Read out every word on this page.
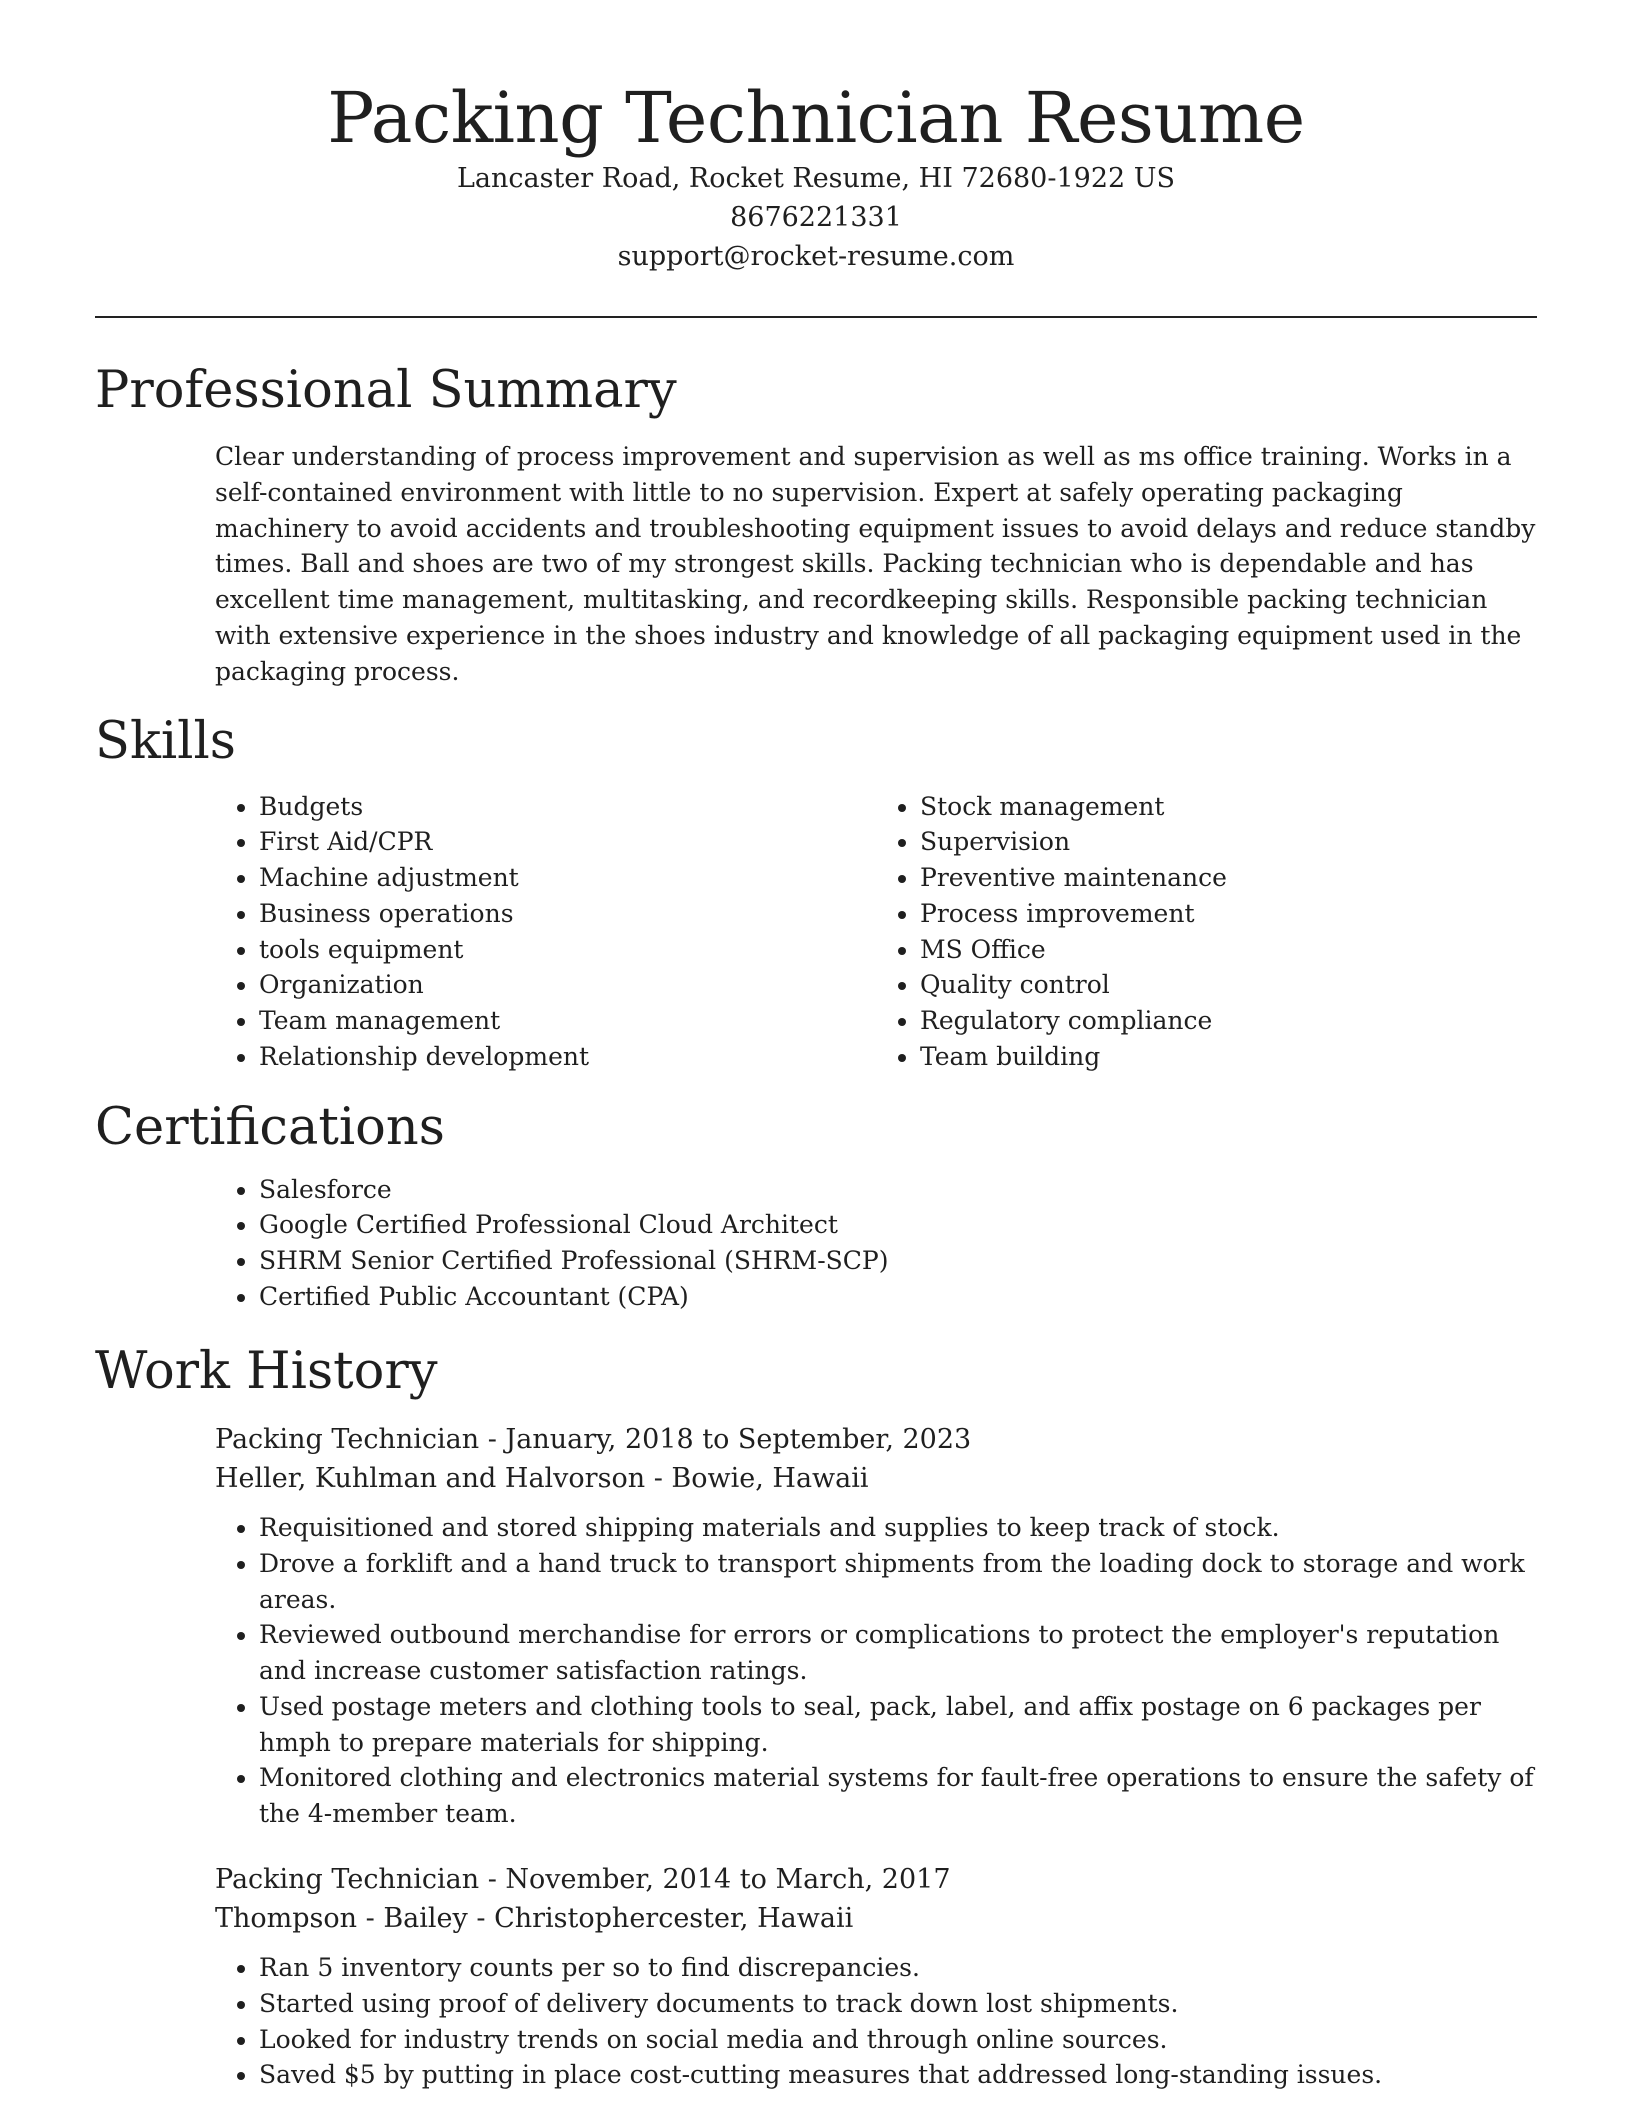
Packing Technician Resume
Lancaster Road, Rocket Resume, HI 72680-1922 US
8676221331
support@rocket-resume.com
Professional Summary

Clear understanding of process improvement and supervision as well as ms office training. Works in a self-contained environment with little to no supervision. Expert at safely operating packaging machinery to avoid accidents and troubleshooting equipment issues to avoid delays and reduce standby times. Ball and shoes are two of my strongest skills. Packing technician who is dependable and has excellent time management, multitasking, and recordkeeping skills. Responsible packing technician with extensive experience in the shoes industry and knowledge of all packaging equipment used in the packaging process.

Skills
• Budgets
• First Aid/CPR
• Machine adjustment
• Business operations
• tools equipment
• Organization
• Team management
• Relationship development
• Stock management
• Supervision
• Preventive maintenance
• Process improvement
• MS Office
• Quality control
• Regulatory compliance
• Team building
Certifications
• Salesforce
• Google Certified Professional Cloud Architect
• SHRM Senior Certified Professional (SHRM-SCP)
• Certified Public Accountant (CPA)
Work History

Packing Technician - January, 2018 to September, 2023

Heller, Kuhlman and Halvorson - Bowie, Hawaii

• Requisitioned and stored shipping materials and supplies to keep track of stock.
• Drove a forklift and a hand truck to transport shipments from the loading dock to storage and work areas.
• Reviewed outbound merchandise for errors or complications to protect the employer's reputation and increase customer satisfaction ratings.
• Used postage meters and clothing tools to seal, pack, label, and affix postage on 6 packages per hmph to prepare materials for shipping.
• Monitored clothing and electronics material systems for fault-free operations to ensure the safety of the 4-member team.

Packing Technician - November, 2014 to March, 2017

Thompson - Bailey - Christophercester, Hawaii

• Ran 5 inventory counts per so to find discrepancies.
• Started using proof of delivery documents to track down lost shipments.
• Looked for industry trends on social media and through online sources.
• Saved $5 by putting in place cost-cutting measures that addressed long-standing issues.
